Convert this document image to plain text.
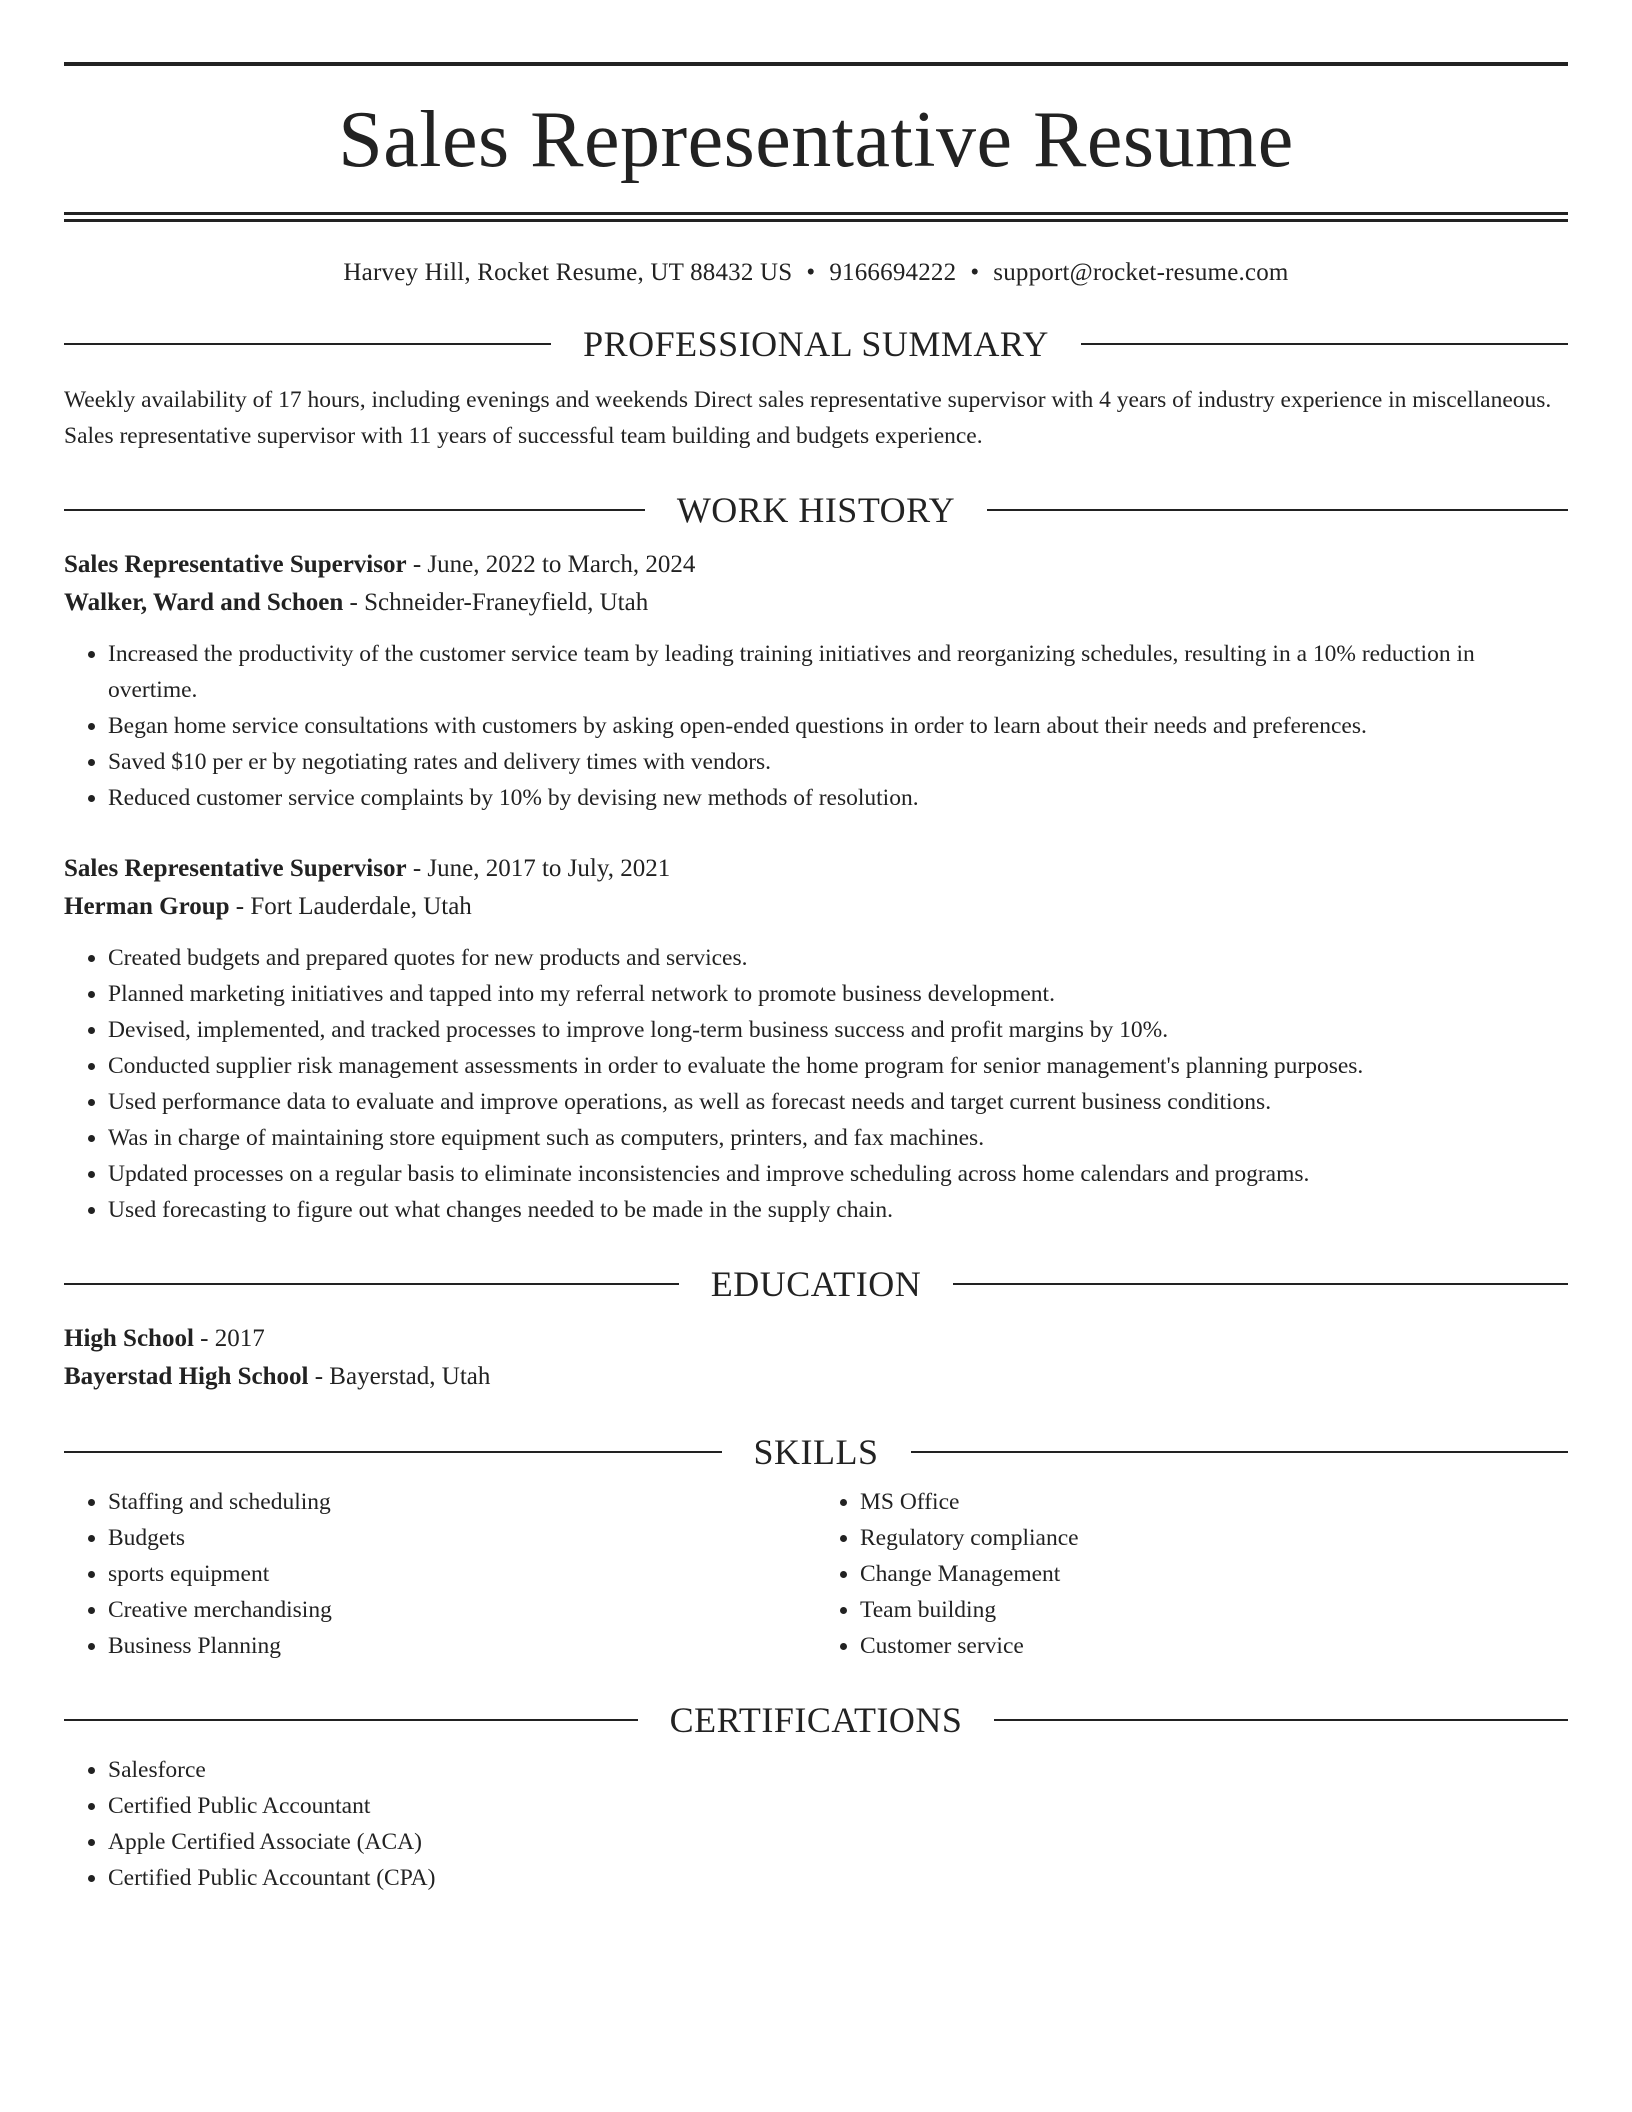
Sales Representative Resume
Harvey Hill, Rocket Resume, UT 88432 US • 9166694222 • support@rocket-resume.com
PROFESSIONAL SUMMARY
Weekly availability of 17 hours, including evenings and weekends Direct sales representative supervisor with 4 years of industry experience in miscellaneous. Sales representative supervisor with 11 years of successful team building and budgets experience.
WORK HISTORY
Sales Representative Supervisor - June, 2022 to March, 2024
Walker, Ward and Schoen - Schneider-Franeyfield, Utah
• Increased the productivity of the customer service team by leading training initiatives and reorganizing schedules, resulting in a 10% reduction in overtime.
• Began home service consultations with customers by asking open-ended questions in order to learn about their needs and preferences.
• Saved $10 per er by negotiating rates and delivery times with vendors.
• Reduced customer service complaints by 10% by devising new methods of resolution.
Sales Representative Supervisor - June, 2017 to July, 2021
Herman Group - Fort Lauderdale, Utah
• Created budgets and prepared quotes for new products and services.
• Planned marketing initiatives and tapped into my referral network to promote business development.
• Devised, implemented, and tracked processes to improve long-term business success and profit margins by 10%.
• Conducted supplier risk management assessments in order to evaluate the home program for senior management's planning purposes.
• Used performance data to evaluate and improve operations, as well as forecast needs and target current business conditions.
• Was in charge of maintaining store equipment such as computers, printers, and fax machines.
• Updated processes on a regular basis to eliminate inconsistencies and improve scheduling across home calendars and programs.
• Used forecasting to figure out what changes needed to be made in the supply chain.
EDUCATION
High School - 2017
Bayerstad High School - Bayerstad, Utah
SKILLS
• Staffing and scheduling
• Budgets
• sports equipment
• Creative merchandising
• Business Planning
• MS Office
• Regulatory compliance
• Change Management
• Team building
• Customer service
CERTIFICATIONS
• Salesforce
• Certified Public Accountant
• Apple Certified Associate (ACA)
• Certified Public Accountant (CPA)
